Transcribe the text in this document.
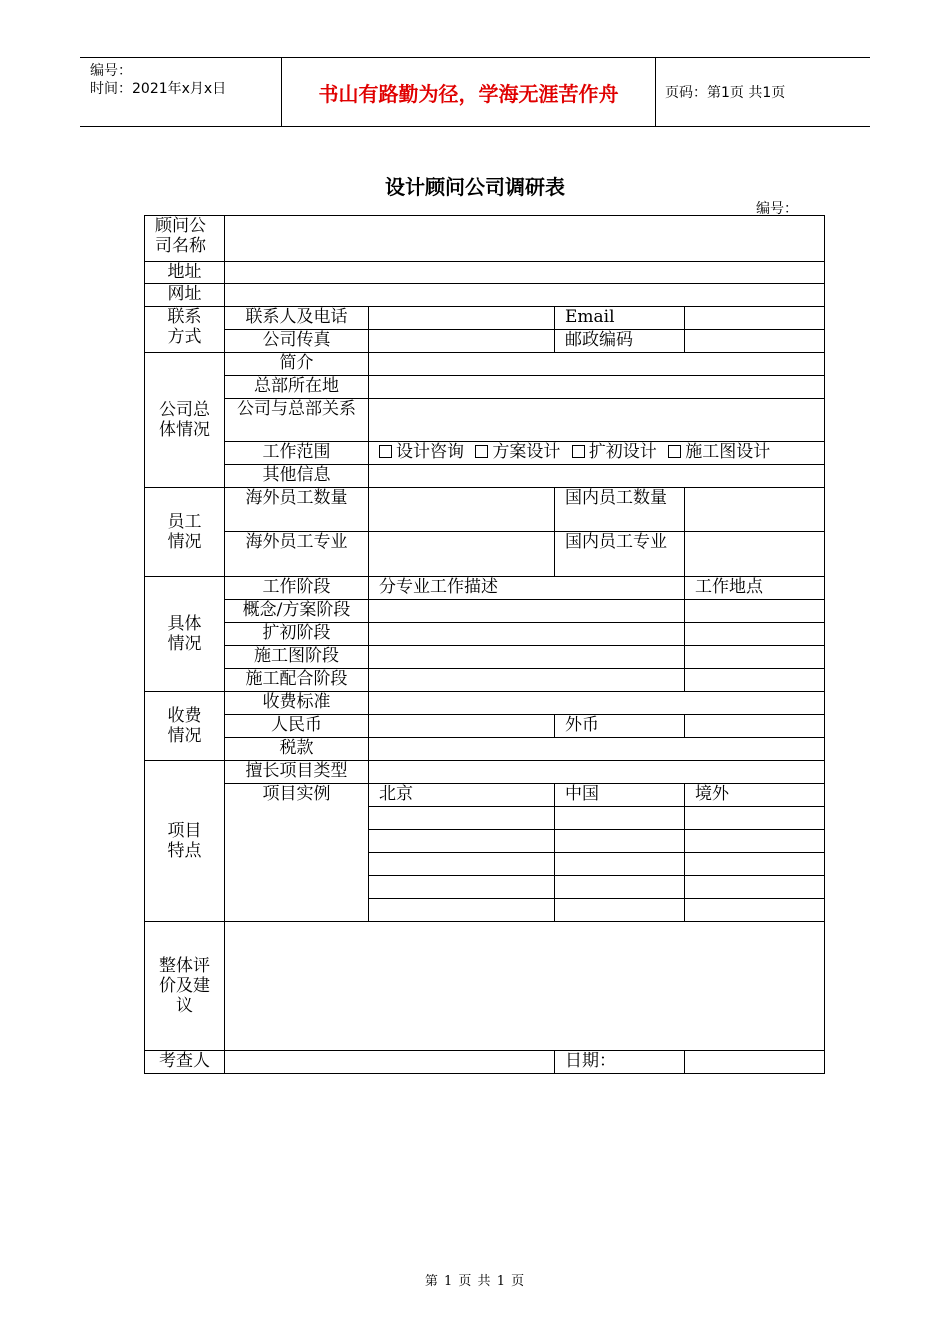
编号：
时间：2021年x月x日	书山有路勤为径，学海无涯苦作舟	页码：第1页 共1页
设计顾问公司调研表
编号：
顾问公司名称				
地址				
网址				

联系方式	联系人及电话		Email	
	公司传真		邮政编码	

公司总体情况	简介			
	总部所在地			

	公司与总部关系			

	工作范围	设计咨询 方案设计 扩初设计 施工图设计		
	其他信息			

员工情况	海外员工数量		国内员工数量	

	海外员工专业		国内员工专业	

具体情况	工作阶段	分专业工作描述		工作地点
	概念/方案阶段			
	扩初阶段			
	施工图阶段			
	施工配合阶段			

收费情况	收费标准			
	人民币		外币	
	税款			

项目特点	擅长项目类型			
	项目实例	北京	中国	境外

整体评价及建议				

考查人			日期：	
第 1 页 共 1 页
